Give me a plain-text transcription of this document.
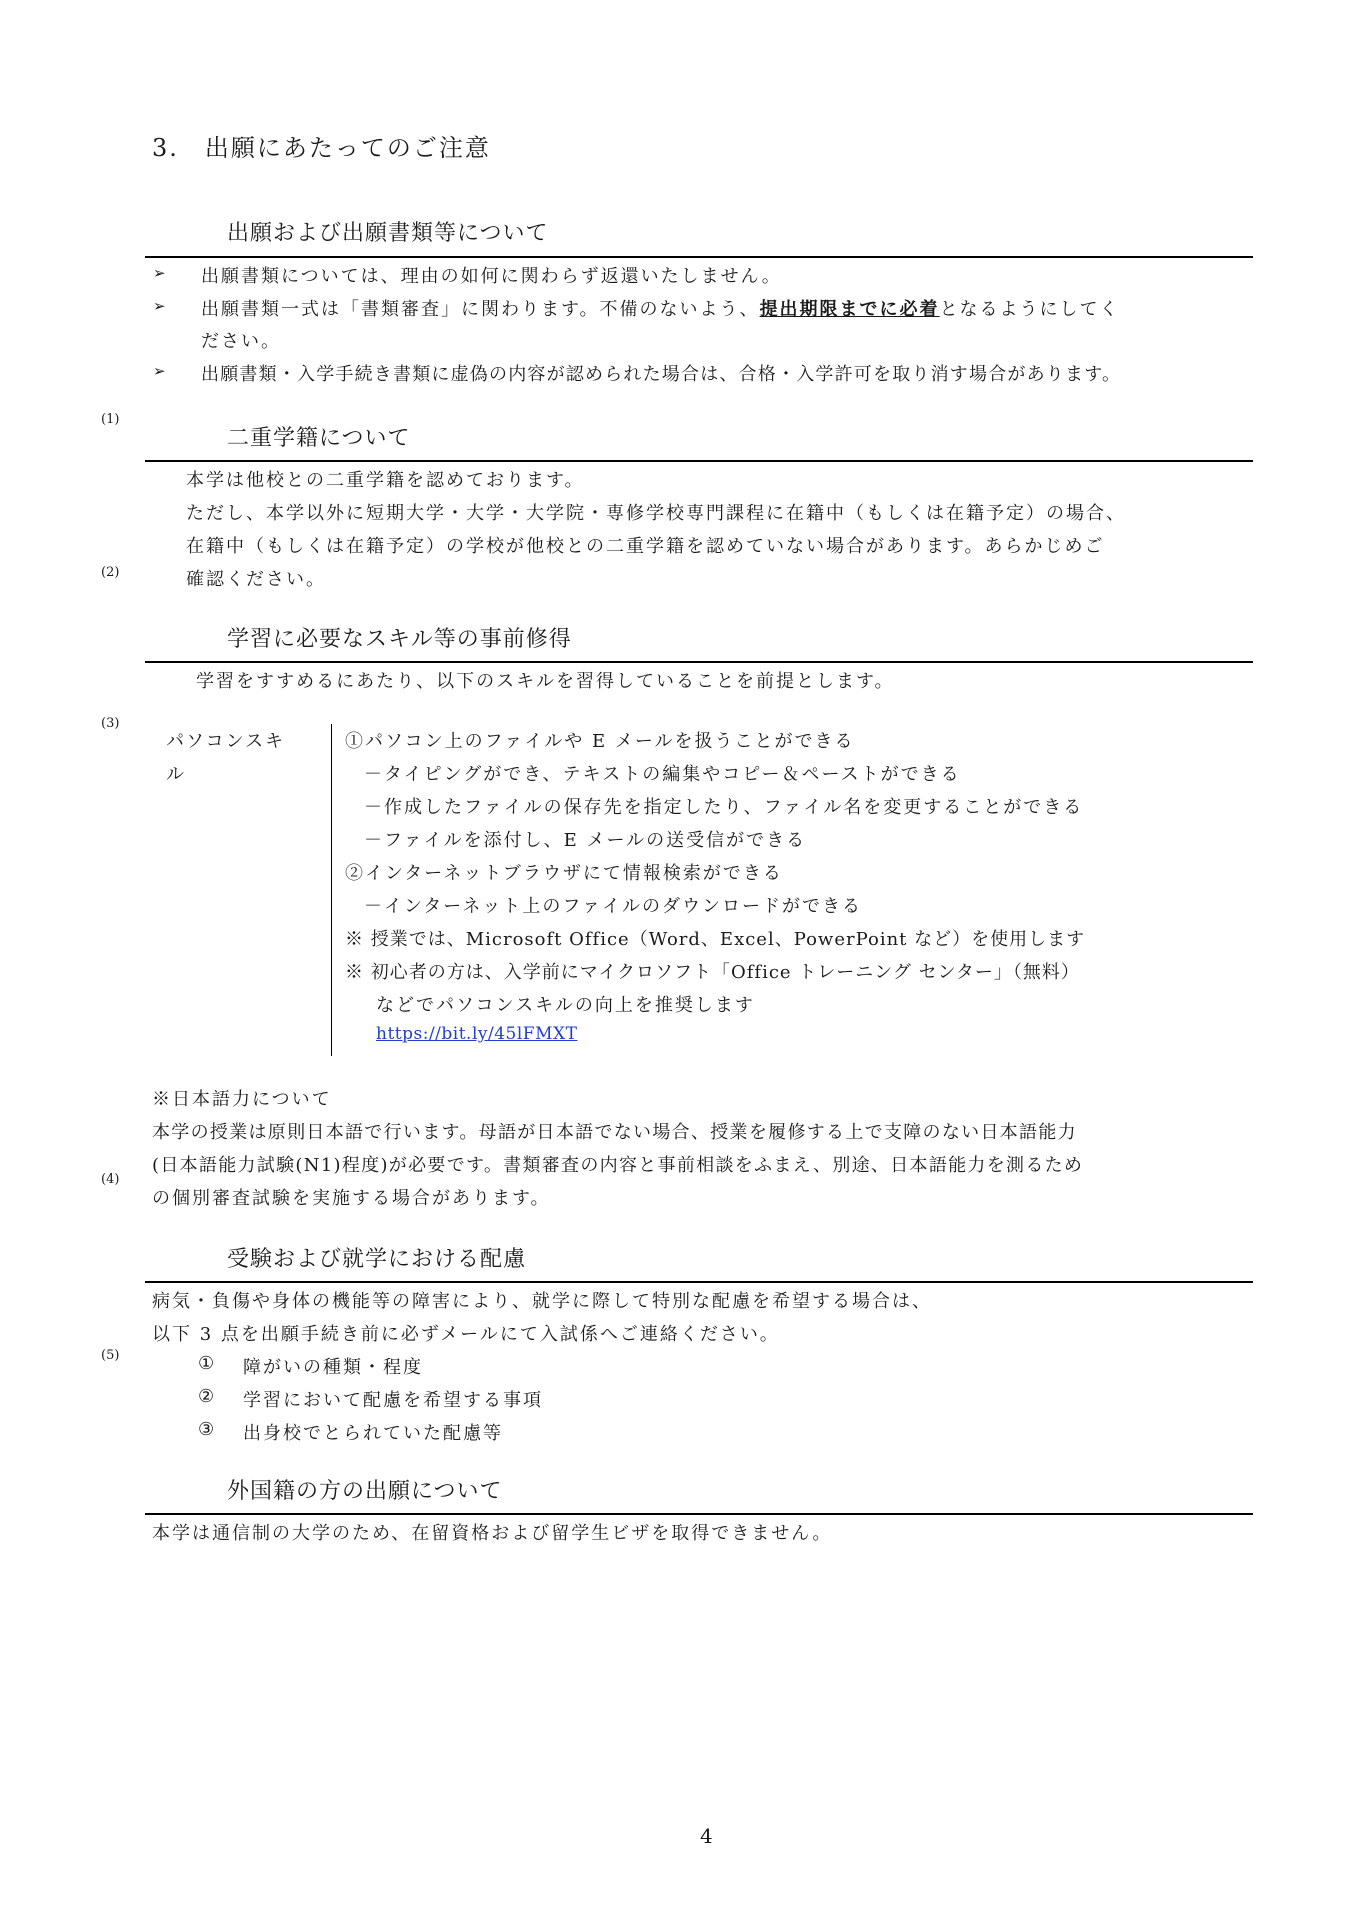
3.　出願にあたってのご注意
出願および出願書類等について
➢ 出願書類については、理由の如何に関わらず返還いたしません。
➢ 出願書類一式は「書類審査」に関わります。不備のないよう、提出期限までに必着となるようにしてく
ださい。
➢ 出願書類・入学手続き書類に虚偽の内容が認められた場合は、合格・入学許可を取り消す場合があります。
(1)
二重学籍について
本学は他校との二重学籍を認めております。
ただし、本学以外に短期大学・大学・大学院・専修学校専門課程に在籍中（もしくは在籍予定）の場合、
在籍中（もしくは在籍予定）の学校が他校との二重学籍を認めていない場合があります。あらかじめご
確認ください。
(2)
学習に必要なスキル等の事前修得
学習をすすめるにあたり、以下のスキルを習得していることを前提とします。
(3)
パソコンスキ
ル
①パソコン上のファイルや E メールを扱うことができる
－タイピングができ、テキストの編集やコピー＆ペーストができる
－作成したファイルの保存先を指定したり、ファイル名を変更することができる
－ファイルを添付し、E メールの送受信ができる
②インターネットブラウザにて情報検索ができる
－インターネット上のファイルのダウンロードができる
※ 授業では、Microsoft Office（Word、Excel、PowerPoint など）を使用します
※ 初心者の方は、入学前にマイクロソフト「Office トレーニング センター」（無料）
などでパソコンスキルの向上を推奨します
https://bit.ly/45lFMXT
※日本語力について
本学の授業は原則日本語で行います。母語が日本語でない場合、授業を履修する上で支障のない日本語能力
(日本語能力試験(N1)程度)が必要です。書類審査の内容と事前相談をふまえ、別途、日本語能力を測るため
の個別審査試験を実施する場合があります。
(4)
受験および就学における配慮
病気・負傷や身体の機能等の障害により、就学に際して特別な配慮を希望する場合は、
以下 3 点を出願手続き前に必ずメールにて入試係へご連絡ください。
(5)	① 障がいの種類・程度
② 学習において配慮を希望する事項
③ 出身校でとられていた配慮等
外国籍の方の出願について
本学は通信制の大学のため、在留資格および留学生ビザを取得できません。
4
